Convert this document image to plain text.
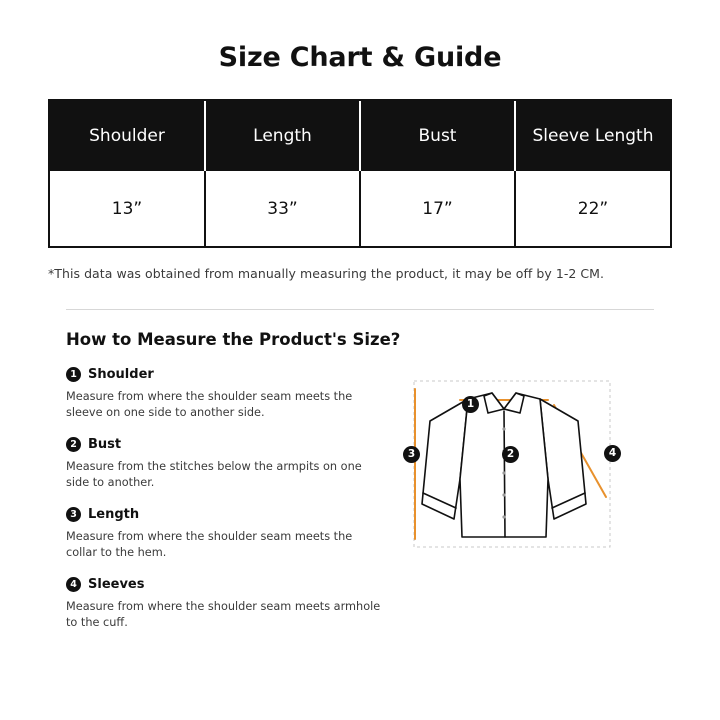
Size Chart & Guide
Shoulder	Length	Bust	Sleeve Length
13”	33”	17”	22”

*This data was obtained from manually measuring the product, it may be off by 1-2 CM.

How to Measure the Product's Size?
1 Shoulder
Measure from where the shoulder seam meets the sleeve on one side to another side.
2 Bust
Measure from the stitches below the armpits on one side to another.
3 Length
Measure from where the shoulder seam meets the collar to the hem.
4 Sleeves
Measure from where the shoulder seam meets armhole to the cuff.
1
2
3	4
